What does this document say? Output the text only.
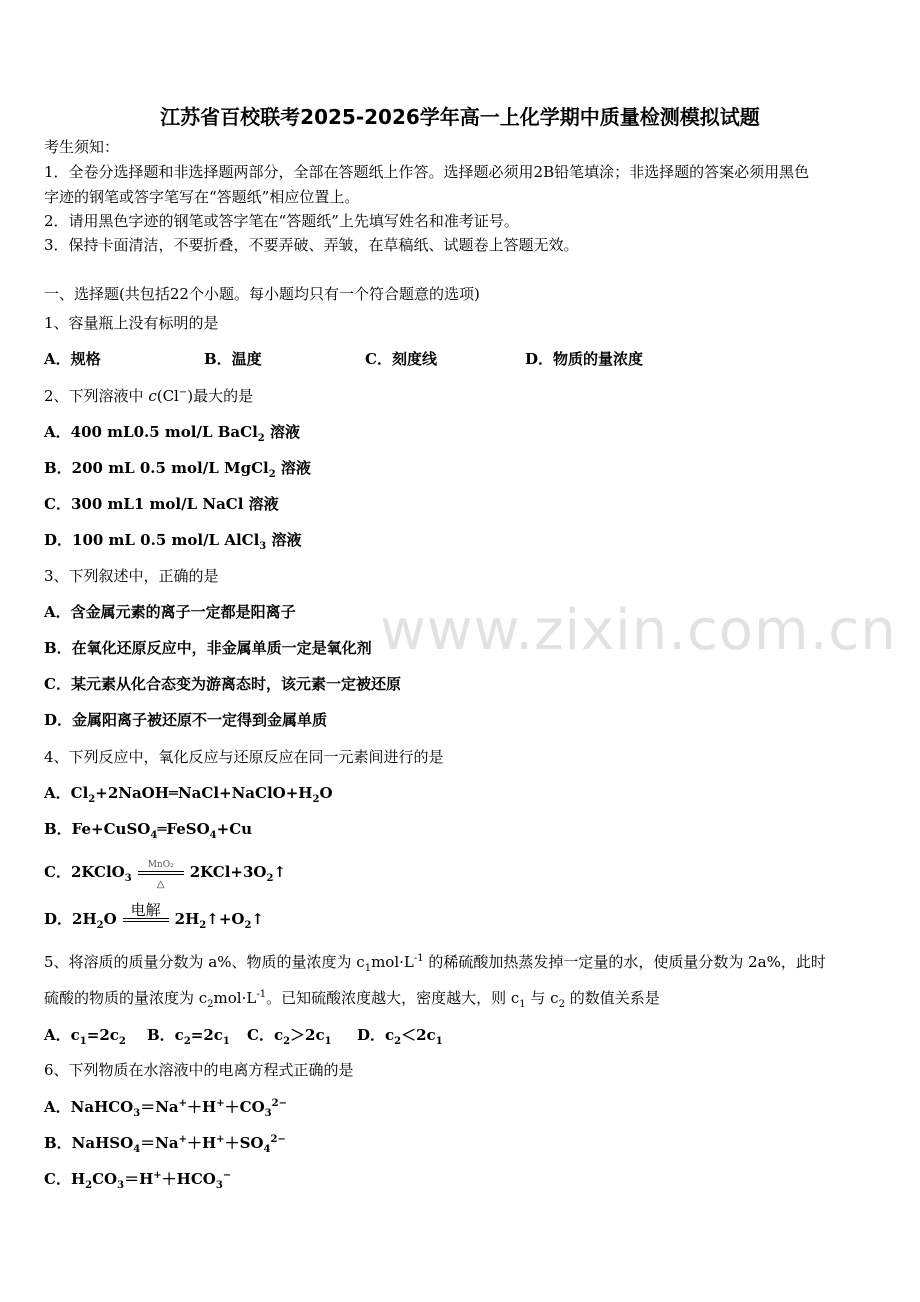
www.zixin.com.cn
江苏省百校联考2025-2026学年高一上化学期中质量检测模拟试题
考生须知：
1．全卷分选择题和非选择题两部分，全部在答题纸上作答。选择题必须用2B铅笔填涂；非选择题的答案必须用黑色
字迹的钢笔或答字笔写在“答题纸”相应位置上。
2．请用黑色字迹的钢笔或答字笔在“答题纸”上先填写姓名和准考证号。
3．保持卡面清洁，不要折叠，不要弄破、弄皱，在草稿纸、试题卷上答题无效。
一、选择题(共包括22个小题。每小题均只有一个符合题意的选项)
1、容量瓶上没有标明的是
A．规格	B．温度	C．刻度线	D．物质的量浓度
2、下列溶液中 c(Cl−)最大的是
A．400 mL0.5 mol/L BaCl$_2$ 溶液
B．200 mL 0.5 mol/L MgCl$_2$ 溶液
C．300 mL1 mol/L NaCl 溶液
D．100 mL 0.5 mol/L AlCl$_3$ 溶液
3、下列叙述中，正确的是
A．含金属元素的离子一定都是阳离子
B．在氧化还原反应中，非金属单质一定是氧化剂
C．某元素从化合态变为游离态时，该元素一定被还原
D．金属阳离子被还原不一定得到金属单质
4、下列反应中，氧化反应与还原反应在同一元素间进行的是
A．$Cl_2+2NaOH═NaCl+NaClO+H_2O$
B．Fe+CuSO$_4$═FeSO$_4$+Cu
C．2KClO$_3$
MnO₂
△
$2KCl+3O_2↑$
D．$2H_2O$ 电解 $2H_2↑+O_2↑$
5、将溶质的质量分数为 a%、物质的量浓度为 $c_1mol\cdot L^{-1}$ 的稀硫酸加热蒸发掉一定量的水，使质量分数为 2a%，此时
硫酸的物质的量浓度为 $c_2mol\cdot L^{-1}$。已知硫酸浓度越大，密度越大，则 $c_1$ 与 $c_2$ 的数值关系是
A．$c_1=2c_2$ B．$c_2=2c_1$ C．$c_2>2c_1$ D．$c_2<2c_1$
6、下列物质在水溶液中的电离方程式正确的是
A．$NaHCO_3=Na^++H^++CO_3^{2-}$
B．$NaHSO_4=Na^++H^++SO_4^{2-}$
C．$H_2CO_3=H^++HCO_3^-$
